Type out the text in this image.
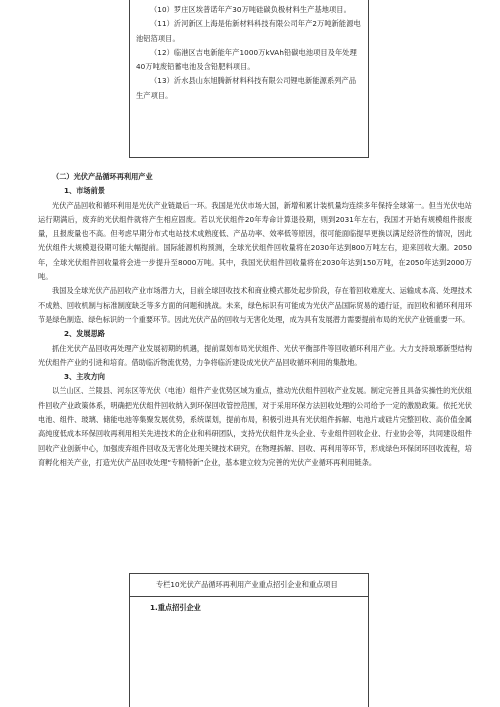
（10）罗庄区埃普诺年产30万吨硅碳负极材料生产基地项目。

（11）沂河新区上海是佑新材料科技有限公司年产2万吨新能源电池铝箔项目。

（12）临港区吉电新能年产1000万kVAh铅碳电池项目及年处理40万吨废铅蓄电池及含铅肥料项目。

（13）沂水县山东旭腾新材料科技有限公司锂电新能源系列产品生产项目。

（二）光伏产品循环再利用产业
1、市场前景

光伏产品回收和循环利用是光伏产业链最后一环。我国是光伏市场大国，新增和累计装机量均连续多年保持全球第一。但当光伏电站运行期满后，废弃的光伏组件就将产生相应固废。若以光伏组件20年寿命计算退役期，则到2031年左右，我国才开始有规模组件报废量，且报废量也不高。但考虑早期分布式电站技术成熟度低、产品功率、效率低等原因，很可能面临提早更换以满足经济性的情况，因此光伏组件大规模退役期可能大幅提前。国际能源机构预测，全球光伏组件回收量将在2030年达到800万吨左右，迎来回收大潮。2050年，全球光伏组件回收量将会进一步提升至8000万吨。其中，我国光伏组件回收量将在2030年达到150万吨，在2050年达到2000万吨。

我国及全球光伏产品回收产业市场潜力大，目前全球回收技术和商业模式都处起步阶段，存在着回收难度大、运输成本高、处理技术不成熟、回收机制与标准制度缺乏等多方面的问题和挑战。未来，绿色标识有可能成为光伏产品国际贸易的通行证，而回收和循环利用环节是绿色制造、绿色标识的一个重要环节。因此光伏产品的回收与无害化处理，成为具有发展潜力需要提前布局的光伏产业链重要一环。

2、发展思路

抓住光伏产品回收再处理产业发展初期的机遇，提前谋划布局光伏组件、光伏平衡部件等回收循环利用产业。大力支持琅琊新型结构光伏组件产业的引进和培育。借助临沂物流优势，力争将临沂建设成光伏产品回收循环利用的集散地。

3、主攻方向

以兰山区、兰陵县、河东区等光伏（电池）组件产业优势区域为重点，推动光伏组件回收产业发展。制定完善且具备实操性的光伏组件回收产业政策体系，明确把光伏组件回收纳入到环保回收管控范围，对于采用环保方法回收处理的公司给予一定的激励政策。依托光伏电池、组件、玻璃、储能电池等集聚发展优势，系统谋划，提前布局，积极引进具有光伏组件拆解、电池片或硅片完整回收、高价值金属高纯度低成本环保回收再利用相关先进技术的企业和科研团队，支持光伏组件龙头企业、专业组件回收企业、行业协会等，共同建设组件回收产业创新中心，加强废弃组件回收及无害化处理关键技术研究，在物理拆解、回收、再利用等环节，形成绿色环保闭环回收流程，培育孵化相关产业，打造光伏产品回收处理“专精特新”企业，基本建立较为完善的光伏产业循环再利用链条。

专栏10光伏产品循环再利用产业重点招引企业和重点项目
1.重点招引企业
